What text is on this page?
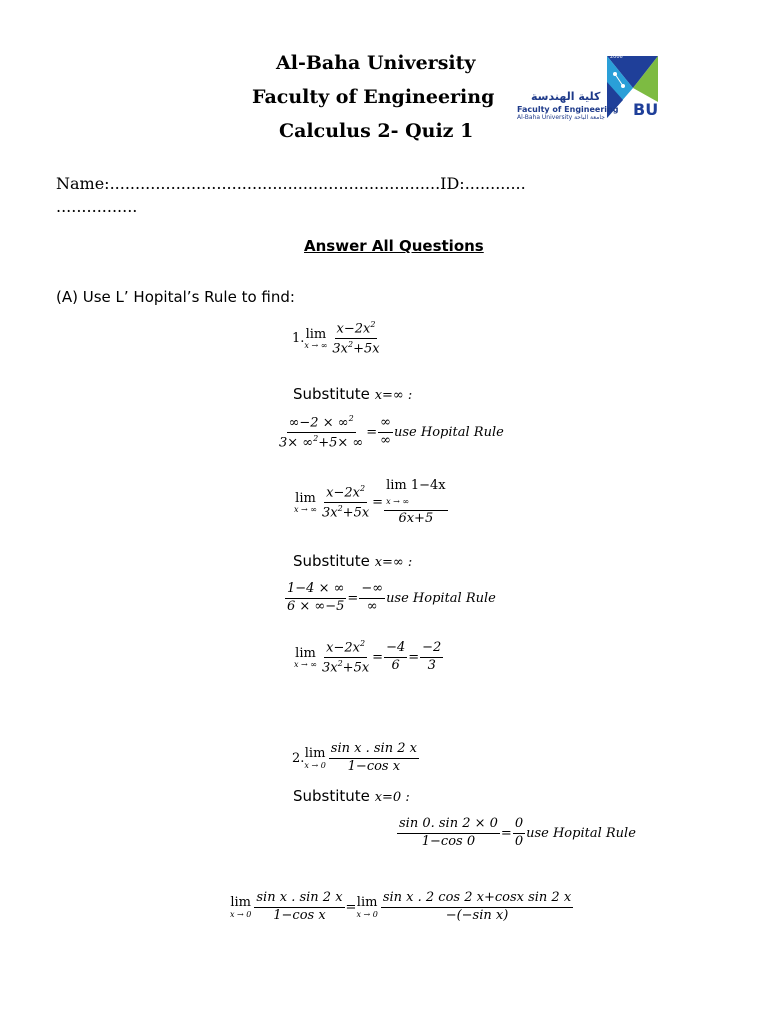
Al-Baha University
Faculty of Engineering
Calculus 2- Quiz 1
2006
كلية الهندسة
Faculty of Engineering
Al-Baha University جامعة الباحة BU
Name:.................................................................ID:............
................
Answer All Questions
(A) Use L’ Hopital’s Rule to find:
1. lim
x → ∞ $\frac{x-2x^2}{3x^2+5x}$
Substitute x=∞ :
$\frac{\infty-2 \times \infty^2}{3\times \infty^2+5\times \infty} = \frac{\infty}{\infty}$ use Hopital Rule
lim
x → ∞ $\frac{x-2x^2}{3x^2+5x}$ =
lim 1−4x
x → ∞
6x+5
Substitute x=∞ :
$\frac{1-4 \times \infty}{6 \times \infty-5} = \frac{-\infty}{\infty}$ use Hopital Rule
lim
x → ∞ $\frac{x-2x^2}{3x^2+5x} = \frac{-4}{6} = \frac{-2}{3}$
2. lim
$x \to 0 \frac{\text{sin x . sin 2 x}}{\text{1−cos x}}$
Substitute x=0 :
$\frac{\sin 0. \sin 2 \times 0}{1-\cos 0} = \frac{0}{0}$ use Hopital Rule
lim
$x \to 0 \frac{\text{sin x . sin 2 x}}{\text{1−cos x}} = \lim$
$x \to 0 \frac{\text{sin x . 2 cos 2 x+cosx sin 2 x}}{\text{−(−sin x)}}$
